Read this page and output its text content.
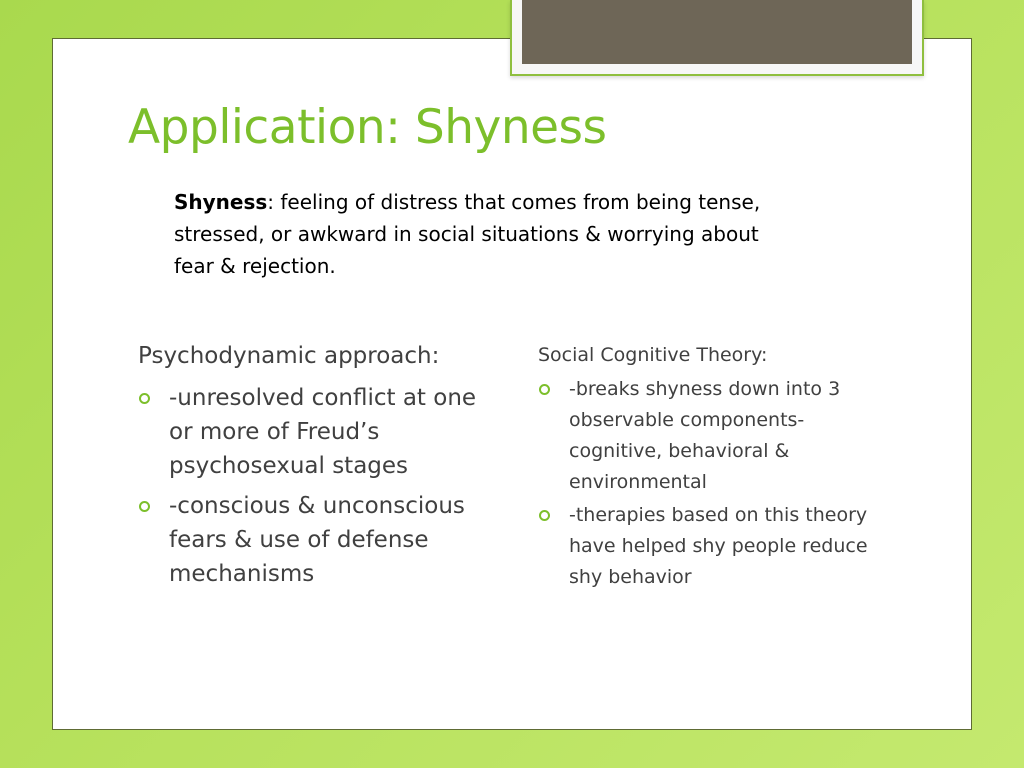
Application: Shyness

Shyness: feeling of distress that comes from being tense, stressed, or awkward in social situations & worrying about fear & rejection.

Psychodynamic approach:

-unresolved conflict at one or more of Freud’s psychosexual stages
-conscious & unconscious fears & use of defense mechanisms

Social Cognitive Theory:

-breaks shyness down into 3 observable components- cognitive, behavioral & environmental
-therapies based on this theory have helped shy people reduce shy behavior
